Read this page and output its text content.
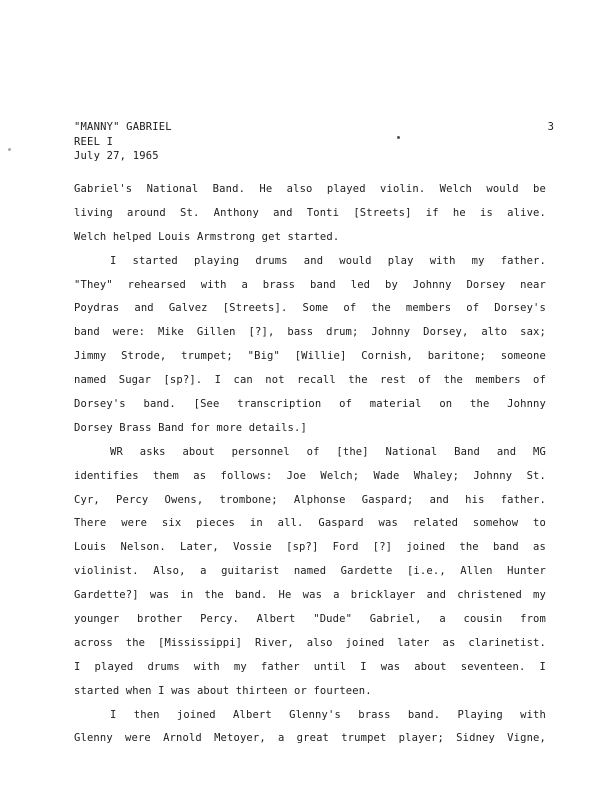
"MANNY" GABRIEL
REEL I
July 27, 1965
3
Gabriel's National Band. He also played violin. Welch would be
living around St. Anthony and Tonti [Streets] if he is alive.
Welch helped Louis Armstrong get started.
I started playing drums and would play with my father.
"They" rehearsed with a brass band led by Johnny Dorsey near
Poydras and Galvez [Streets]. Some of the members of Dorsey's
band were: Mike Gillen [?], bass drum; Johnny Dorsey, alto sax;
Jimmy Strode, trumpet; "Big" [Willie] Cornish, baritone; someone
named Sugar [sp?]. I can not recall the rest of the members of
Dorsey's band. [See transcription of material on the Johnny
Dorsey Brass Band for more details.]
WR asks about personnel of [the] National Band and MG
identifies them as follows: Joe Welch; Wade Whaley; Johnny St.
Cyr, Percy Owens, trombone; Alphonse Gaspard; and his father.
There were six pieces in all. Gaspard was related somehow to
Louis Nelson. Later, Vossie [sp?] Ford [?] joined the band as
violinist. Also, a guitarist named Gardette [i.e., Allen Hunter
Gardette?] was in the band. He was a bricklayer and christened my
younger brother Percy. Albert "Dude" Gabriel, a cousin from
across the [Mississippi] River, also joined later as clarinetist.
I played drums with my father until I was about seventeen. I
started when I was about thirteen or fourteen.
I then joined Albert Glenny's brass band. Playing with
Glenny were Arnold Metoyer, a great trumpet player; Sidney Vigne,
